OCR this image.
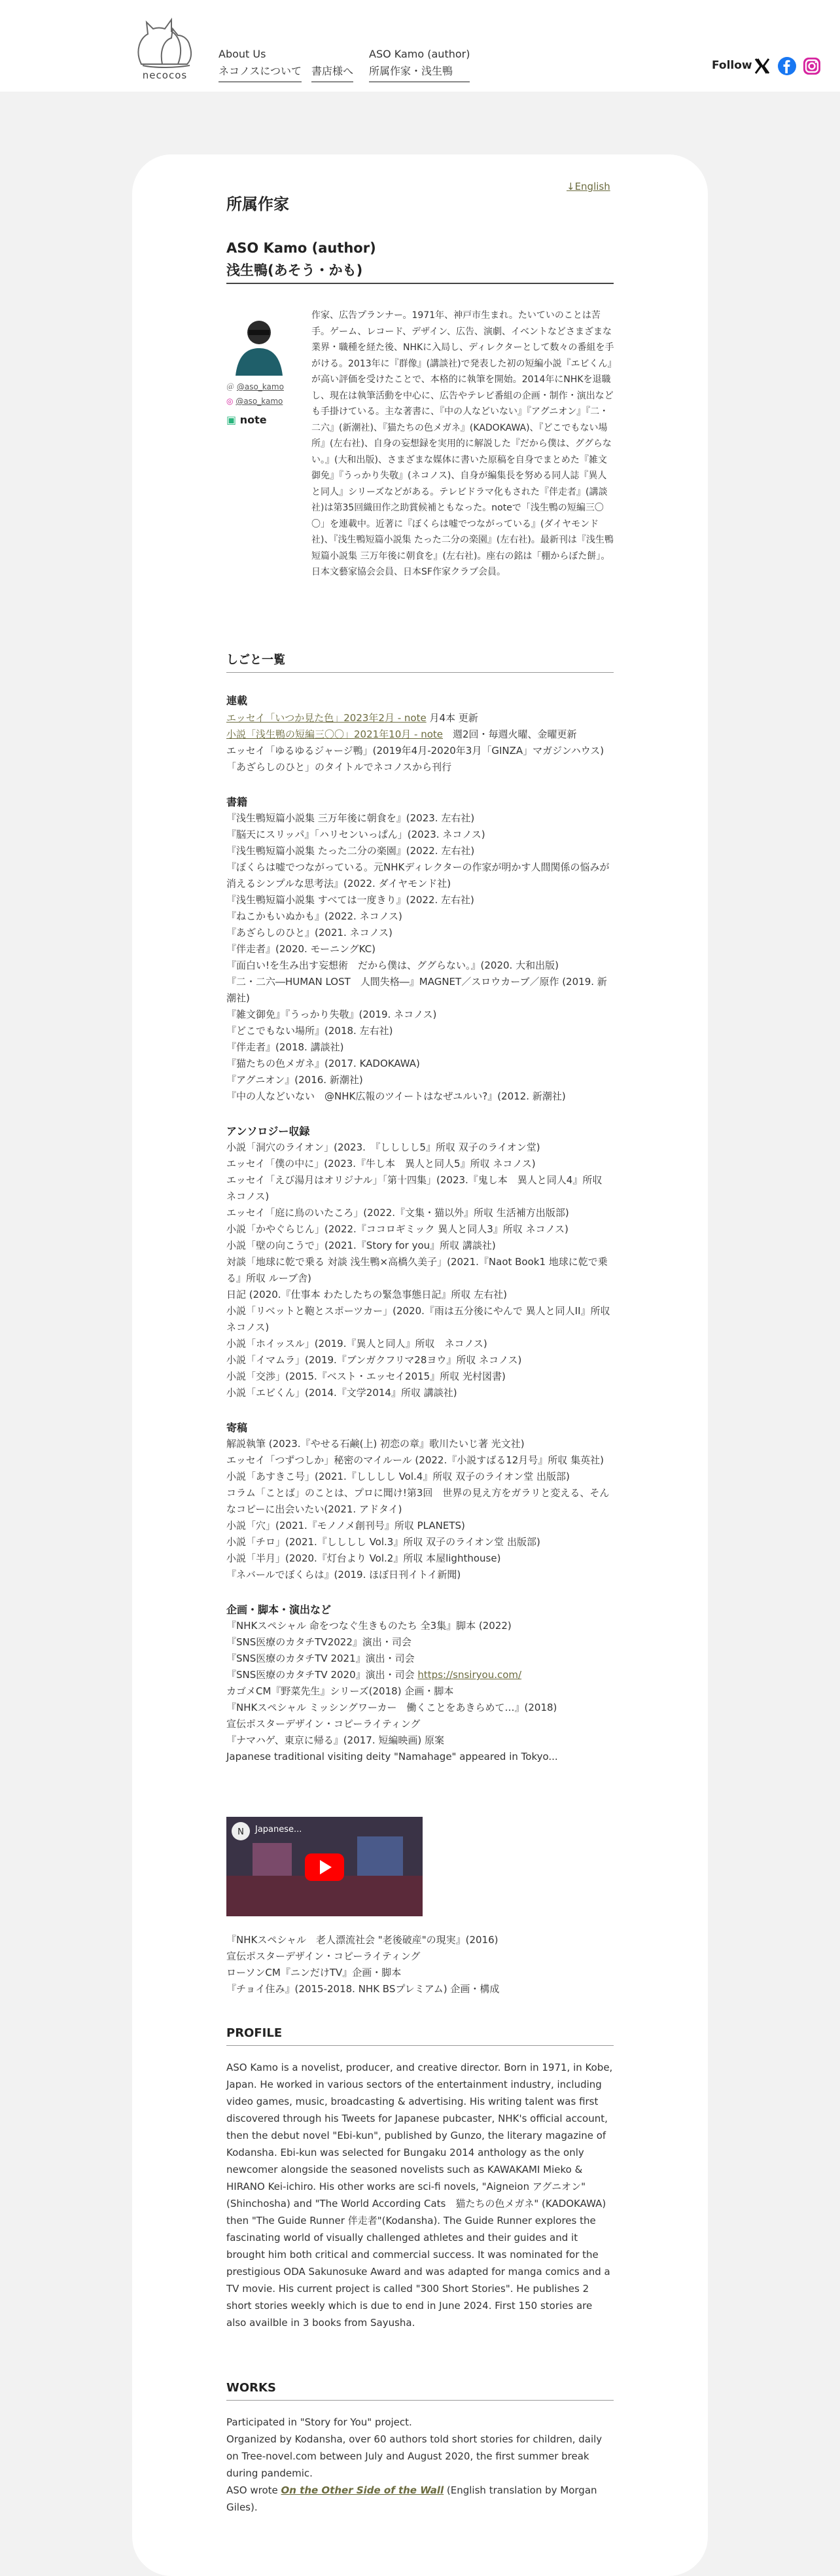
necocos
About Us
ネコノスについて
書店様へ
ASO Kamo (author)
所属作家・浅生鴨	Follow
↓English
所属作家
ASO Kamo (author)
浅生鴨(あそう・かも)
＠ @aso_kamo
◎ @aso_kamo
▣ note
作家、広告プランナー。1971年、神戸市生まれ。たいていのことは苦手。ゲーム、レコード、デザイン、広告、演劇、イベントなどさまざまな業界・職種を経た後、NHKに入局し、ディレクターとして数々の番組を手がける。2013年に『群像』(講談社)で発表した初の短編小説『エビくん』が高い評価を受けたことで、本格的に執筆を開始。2014年にNHKを退職し、現在は執筆活動を中心に、広告やテレビ番組の企画・制作・演出なども手掛けている。主な著書に、『中の人などいない』『アグニオン』『二・二六』(新潮社)、『猫たちの色メガネ』(KADOKAWA)、『どこでもない場所』(左右社)、自身の妄想録を実用的に解説した『だから僕は、ググらない。』(大和出版)、さまざまな媒体に書いた原稿を自身でまとめた『雑文御免』『うっかり失敬』(ネコノス)、自身が編集長を努める同人誌『異人と同人』シリーズなどがある。テレビドラマ化もされた『伴走者』(講談社)は第35回織田作之助賞候補ともなった。noteで「浅生鴨の短編三〇〇」を連載中。近著に『ぼくらは嘘でつながっている』(ダイヤモンド社)、『浅生鴨短篇小説集 たった二分の楽園』(左右社)。最新刊は『浅生鴨短篇小説集 三万年後に朝食を』(左右社)。座右の銘は「棚からぼた餅」。日本文藝家協会会員、日本SF作家クラブ会員。
しごと一覧
連載
エッセイ「いつか見た色」2023年2月 - note 月4本 更新
小説「浅生鴨の短編三〇〇」2021年10月 - note　週2回・毎週火曜、金曜更新
エッセイ「ゆるゆるジャージ鴨」(2019年4月-2020年3月「GINZA」マガジンハウス)「あざらしのひと」のタイトルでネコノスから刊行
書籍
『浅生鴨短篇小説集 三万年後に朝食を』(2023. 左右社)
『脳天にスリッパ』「ハリセンいっぱん」(2023. ネコノス)
『浅生鴨短篇小説集 たった二分の楽園』(2022. 左右社)
『ぼくらは嘘でつながっている。元NHKディレクターの作家が明かす人間関係の悩みが消えるシンプルな思考法』(2022. ダイヤモンド社)
『浅生鴨短篇小説集 すべては一度きり』(2022. 左右社)
『ねこかもいぬかも』(2022. ネコノス)
『あざらしのひと』(2021. ネコノス)
『伴走者』(2020. モーニングKC)
『面白い!を生み出す妄想術　だから僕は、ググらない。』(2020. 大和出版)
『二・二六―HUMAN LOST　人間失格―』MAGNET／スロウカーブ／原作 (2019. 新潮社)
『雑文御免』『うっかり失敬』(2019. ネコノス)
『どこでもない場所』(2018. 左右社)
『伴走者』(2018. 講談社)
『猫たちの色メガネ』(2017. KADOKAWA)
『アグニオン』(2016. 新潮社)
『中の人などいない　@NHK広報のツイートはなぜユルい?』(2012. 新潮社)
アンソロジー収録
小説「洞穴のライオン」(2023.　『しししし5』所収 双子のライオン堂)
エッセイ「僕の中に」(2023.『牛し本　異人と同人5』所収 ネコノス)
エッセイ「えび湯月はオリジナル」「第十四集」(2023.『鬼し本　異人と同人4』所収 ネコノス)
エッセイ「庭に鳥のいたころ」(2022.『文集・猫以外』所収 生活補方出版部)
小説「かやぐらじん」(2022.『ココロギミック 異人と同人3』所収 ネコノス)
小説「壁の向こうで」(2021.『Story for you』所収 講談社)
対談「地球に乾で乗る 対談 浅生鴨×高橋久美子」(2021.『Naot Book1 地球に乾で乗る』所収 ルーブ舎)
日記 (2020.『仕事本 わたしたちの緊急事態日記』所収 左右社)
小説「リベットと鞄とスポーツカー」(2020.『雨は五分後にやんで 異人と同人II』所収 ネコノス)
小説「ホイッスル」(2019.『異人と同人』所収　ネコノス)
小説「イマムラ」(2019.『ブンガクフリマ28ヨウ』所収 ネコノス)
小説「交渉」(2015.『ベスト・エッセイ2015』所収 光村図書)
小説「エビくん」(2014.『文学2014』所収 講談社)
寄稿
解説執筆 (2023.『やせる石鹸(上) 初恋の章』歌川たいじ著 光文社)
エッセイ「つずつしか」秘密のマイルール (2022.『小説すばる12月号』所収 集英社)
小説「あすきこ号」(2021.『しししし Vol.4』所収 双子のライオン堂 出版部)
コラム「ことば」のことは、プロに聞け!第3回　世界の見え方をガラリと変える、そんなコピーに出会いたい(2021. アドタイ)
小説「穴」(2021.『モノノメ創刊号』所収 PLANETS)
小説「チロ」(2021.『しししし Vol.3』所収 双子のライオン堂 出版部)
小説「半月」(2020.『灯台より Vol.2』所収 本屋lighthouse)
『ネバールでぼくらは』(2019. ほぼ日刊イトイ新聞)
企画・脚本・演出など
『NHKスペシャル 命をつなぐ生きものたち 全3集』脚本 (2022)
『SNS医療のカタチTV2022』演出・司会
『SNS医療のカタチTV 2021』演出・司会
『SNS医療のカタチTV 2020』演出・司会 https://snsiryou.com/
カゴメCM『野菜先生』シリーズ(2018) 企画・脚本
『NHKスペシャル ミッシングワーカー　働くことをあきらめて…』(2018)
宣伝ポスターデザイン・コピーライティング
『ナマハゲ、東京に帰る』(2017. 短編映画) 原案
Japanese traditional visiting deity "Namahage" appeared in Tokyo...
N Japanese...
『NHKスペシャル　老人漂流社会 "老後破産"の現実』(2016)
宣伝ポスターデザイン・コピーライティング
ローソンCM『ニンだけTV』企画・脚本
『チョイ住み』(2015-2018. NHK BSプレミアム) 企画・構成
PROFILE
ASO Kamo is a novelist, producer, and creative director. Born in 1971, in Kobe, Japan. He worked in various sectors of the entertainment industry, including video games, music, broadcasting & advertising. His writing talent was first discovered through his Tweets for Japanese pubcaster, NHK's official account, then the debut novel "Ebi-kun", published by Gunzo, the literary magazine of Kodansha. Ebi-kun was selected for Bungaku 2014 anthology as the only newcomer alongside the seasoned novelists such as KAWAKAMI Mieko & HIRANO Kei-ichiro. His other works are sci-fi novels, "Aigneion アグニオン"(Shinchosha) and "The World According Cats　猫たちの色メガネ" (KADOKAWA) then "The Guide Runner 伴走者"(Kodansha). The Guide Runner explores the fascinating world of visually challenged athletes and their guides and it brought him both critical and commercial success. It was nominated for the prestigious ODA Sakunosuke Award and was adapted for manga comics and a TV movie. His current project is called "300 Short Stories". He publishes 2 short stories weekly which is due to end in June 2024. First 150 stories are also availble in 3 books from Sayusha.
WORKS
Participated in "Story for You" project.
Organized by Kodansha, over 60 authors told short stories for children, daily on Tree-novel.com between July and August 2020, the first summer break during pandemic.
ASO wrote On the Other Side of the Wall (English translation by Morgan Giles).
